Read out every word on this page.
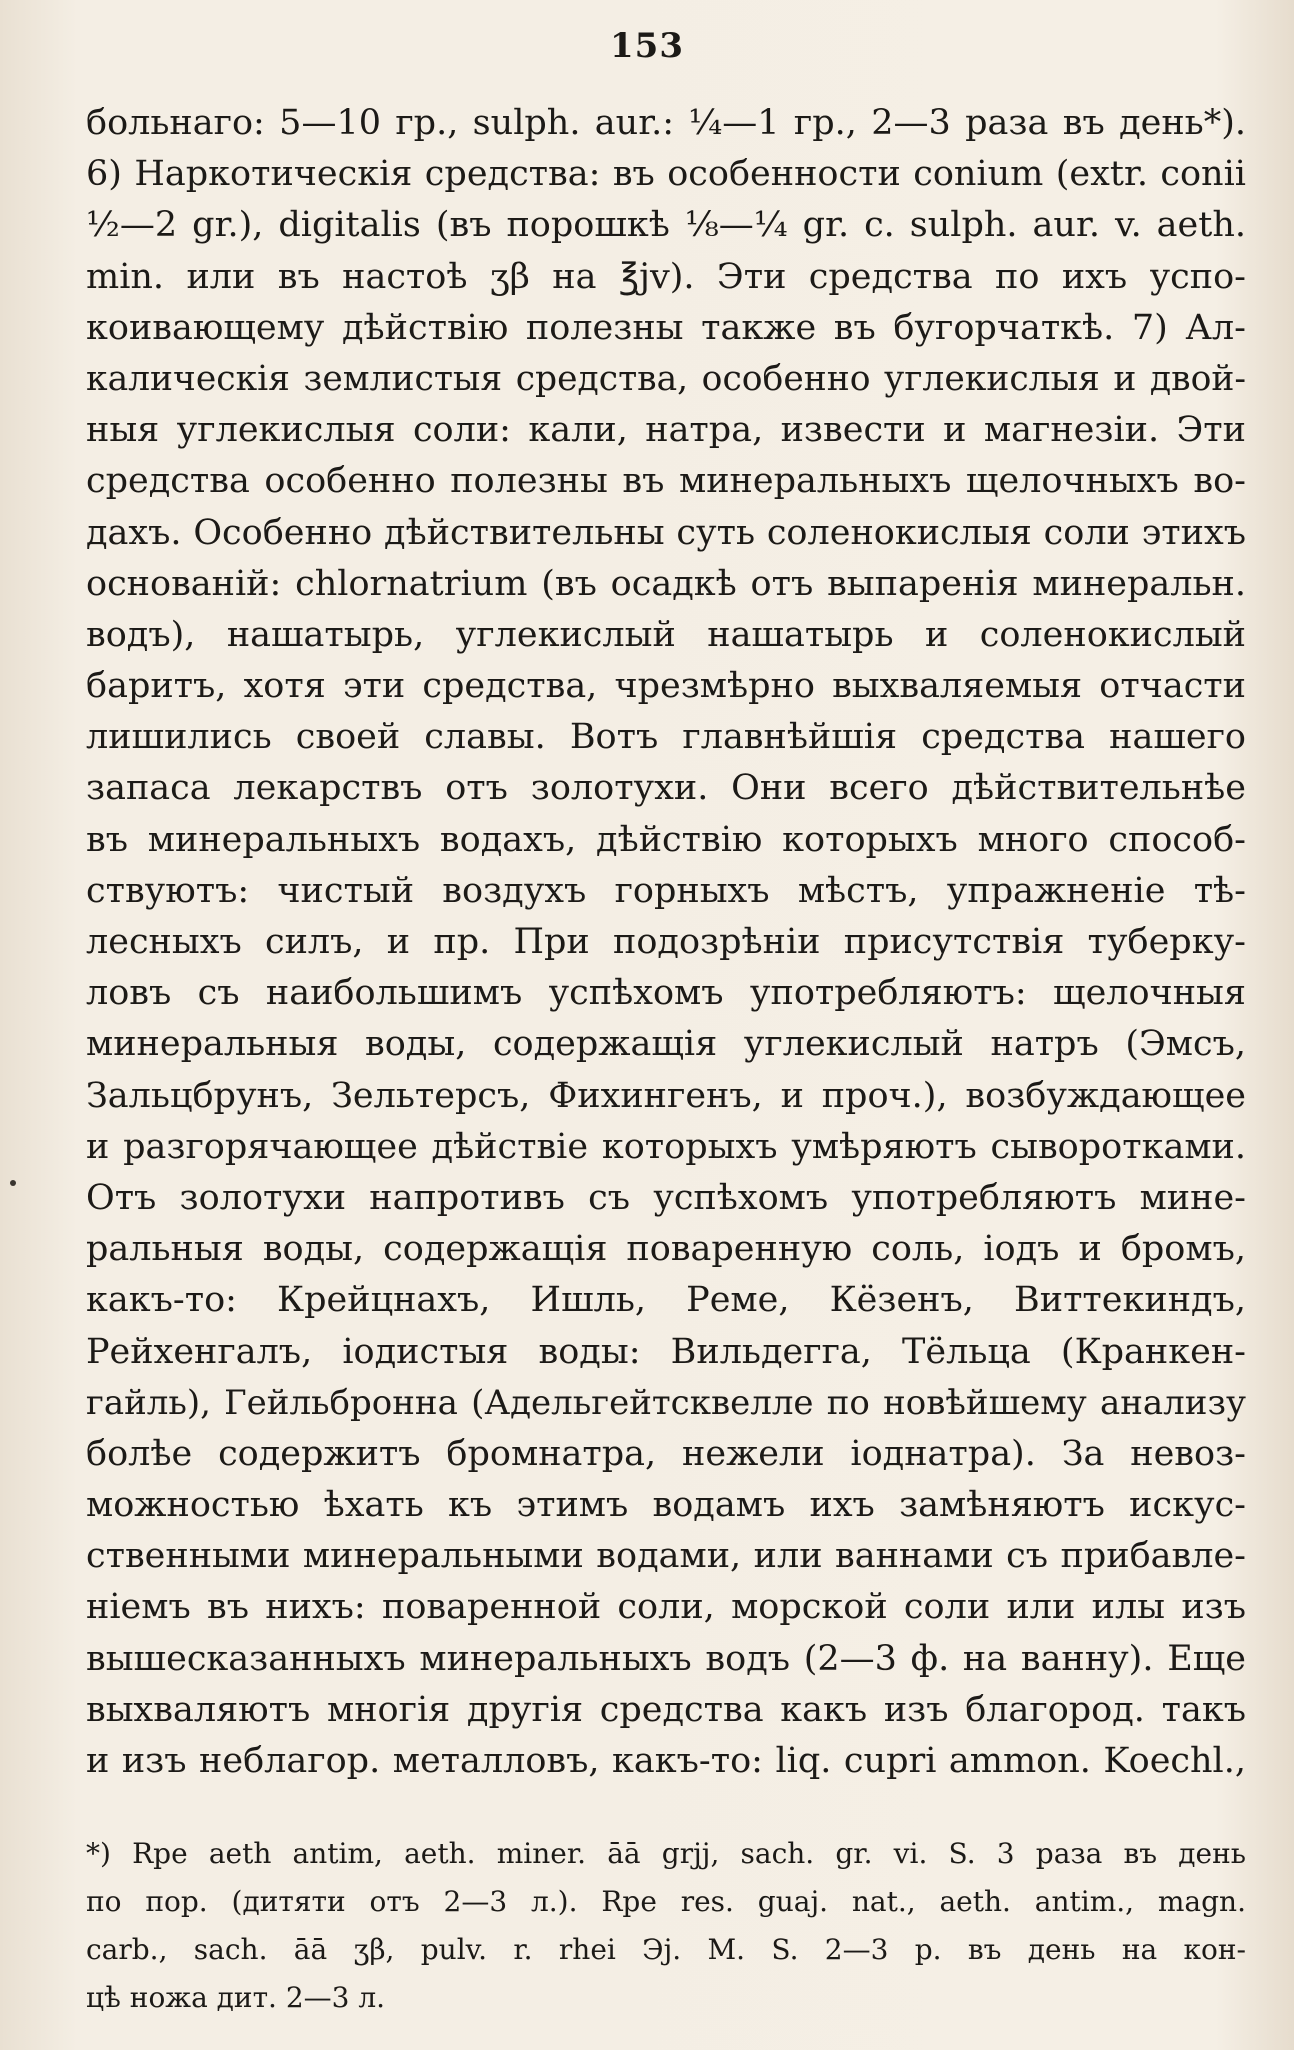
153
больнаго: 5—10 гр., sulph. aur.: ¼—1 гр., 2—3 раза въ день*).
6) Наркотическія средства: въ особенности conium (extr. conii
½—2 gr.), digitalis (въ порошкѣ ⅛—¼ gr. c. sulph. aur. v. aeth.
min. или въ настоѣ ʒβ на ℥jv). Эти средства по ихъ успо-
коивающему дѣйствію полезны также въ бугорчаткѣ. 7) Ал-
калическія землистыя средства, особенно углекислыя и двой-
ныя углекислыя соли: кали, натра, извести и магнезіи. Эти
средства особенно полезны въ минеральныхъ щелочныхъ во-
дахъ. Особенно дѣйствительны суть соленокислыя соли этихъ
основаній: chlornatrium (въ осадкѣ отъ выпаренія минеральн.
водъ), нашатырь, углекислый нашатырь и соленокислый
баритъ, хотя эти средства, чрезмѣрно выхваляемыя отчасти
лишились своей славы. Вотъ главнѣйшія средства нашего
запаса лекарствъ отъ золотухи. Они всего дѣйствительнѣе
въ минеральныхъ водахъ, дѣйствію которыхъ много способ-
ствуютъ: чистый воздухъ горныхъ мѣстъ, упражненіе тѣ-
лесныхъ силъ, и пр. При подозрѣніи присутствія туберку-
ловъ съ наибольшимъ успѣхомъ употребляютъ: щелочныя
минеральныя воды, содержащія углекислый натръ (Эмсъ,
Зальцбрунъ, Зельтерсъ, Фихингенъ, и проч.), возбуждающее
и разгорячающее дѣйствіе которыхъ умѣряютъ сыворотками.
Отъ золотухи напротивъ съ успѣхомъ употребляютъ мине-
ральныя воды, содержащія поваренную соль, іодъ и бромъ,
какъ-то: Крейцнахъ, Ишль, Реме, Кёзенъ, Виттекиндъ,
Рейхенгалъ, іодистыя воды: Вильдегга, Тёльца (Кранкен-
гайль), Гейльбронна (Адельгейтсквелле по новѣйшему анализу
болѣе содержитъ бромнатра, нежели іоднатра). За невоз-
можностью ѣхать къ этимъ водамъ ихъ замѣняютъ искус-
ственными минеральными водами, или ваннами съ прибавле-
ніемъ въ нихъ: поваренной соли, морской соли или илы изъ
вышесказанныхъ минеральныхъ водъ (2—3 ф. на ванну). Еще
выхваляютъ многія другія средства какъ изъ благород. такъ
и изъ неблагор. металловъ, какъ-то: liq. cupri ammon. Koechl.,
*) Rpe aeth antim, aeth. miner. āā grjj, sach. gr. vi. S. 3 раза въ день
по пор. (дитяти отъ 2—3 л.). Rpe res. guaj. nat., aeth. antim., magn.
carb., sach. āā ʒβ, pulv. r. rhei Эj. M. S. 2—3 р. въ день на кон-
цѣ ножа дит. 2—3 л.
